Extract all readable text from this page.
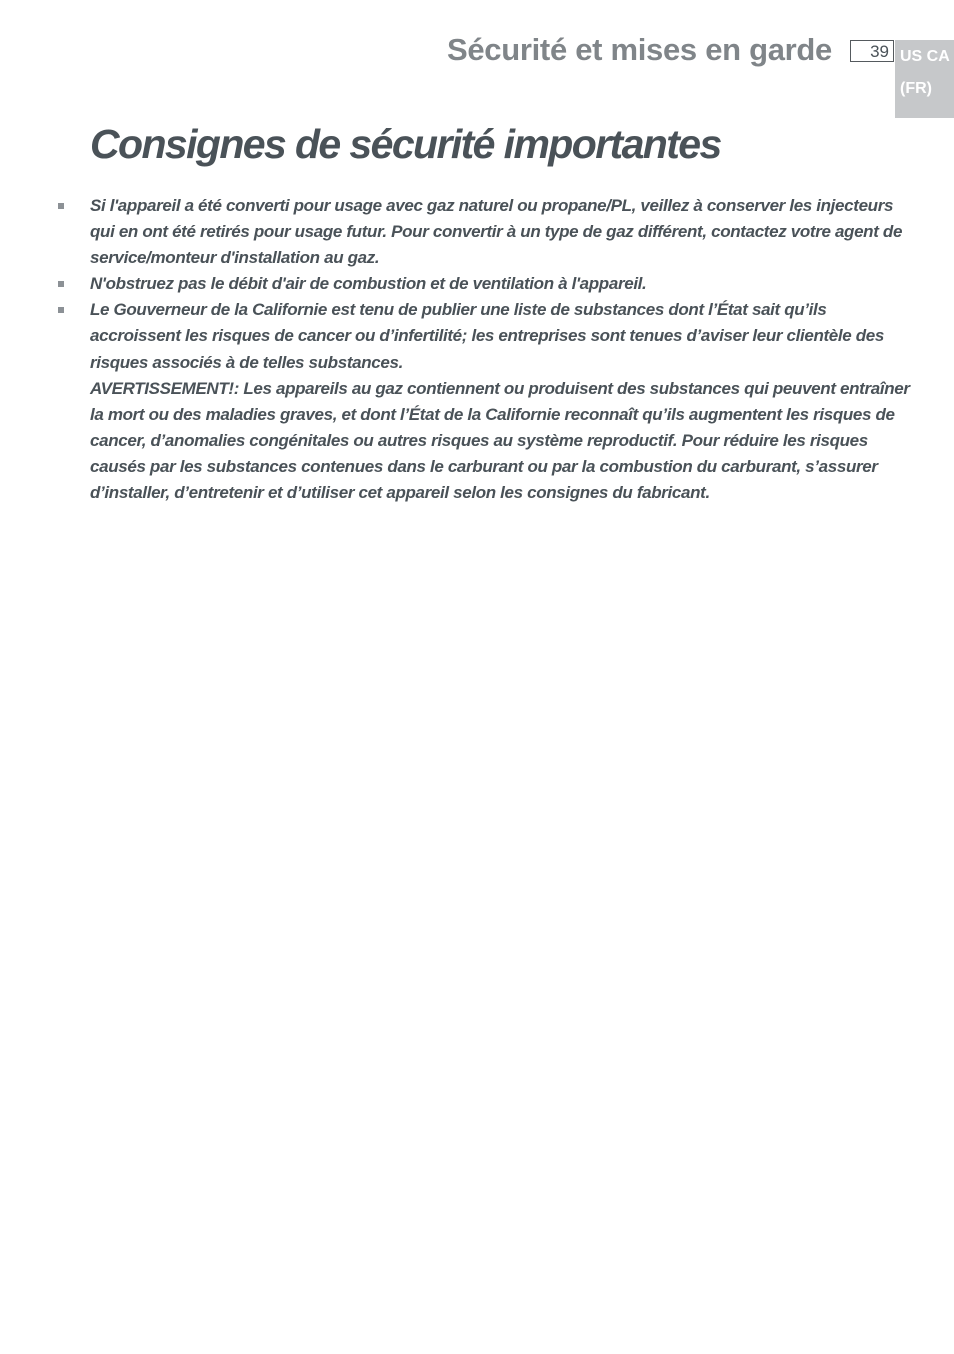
Sécurité et mises en garde	39 US CA
(FR)
Consignes de sécurité importantes
Si l'appareil a été converti pour usage avec gaz naturel ou propane/PL, veillez à conserver les injecteurs qui en ont été retirés pour usage futur. Pour convertir à un type de gaz différent, contactez votre agent de service/monteur d'installation au gaz.
N'obstruez pas le débit d'air de combustion et de ventilation à l'appareil.
Le Gouverneur de la Californie est tenu de publier une liste de substances dont l’État sait qu’ils accroissent les risques de cancer ou d’infertilité; les entreprises sont tenues d’aviser leur clientèle des risques associés à de telles substances.
AVERTISSEMENT!: Les appareils au gaz contiennent ou produisent des substances qui peuvent entraîner la mort ou des maladies graves, et dont l’État de la Californie reconnaît qu’ils augmentent les risques de cancer, d’anomalies congénitales ou autres risques au système reproductif. Pour réduire les risques causés par les substances contenues dans le carburant ou par la combustion du carburant, s’assurer d’installer, d’entretenir et d’utiliser cet appareil selon les consignes du fabricant.
